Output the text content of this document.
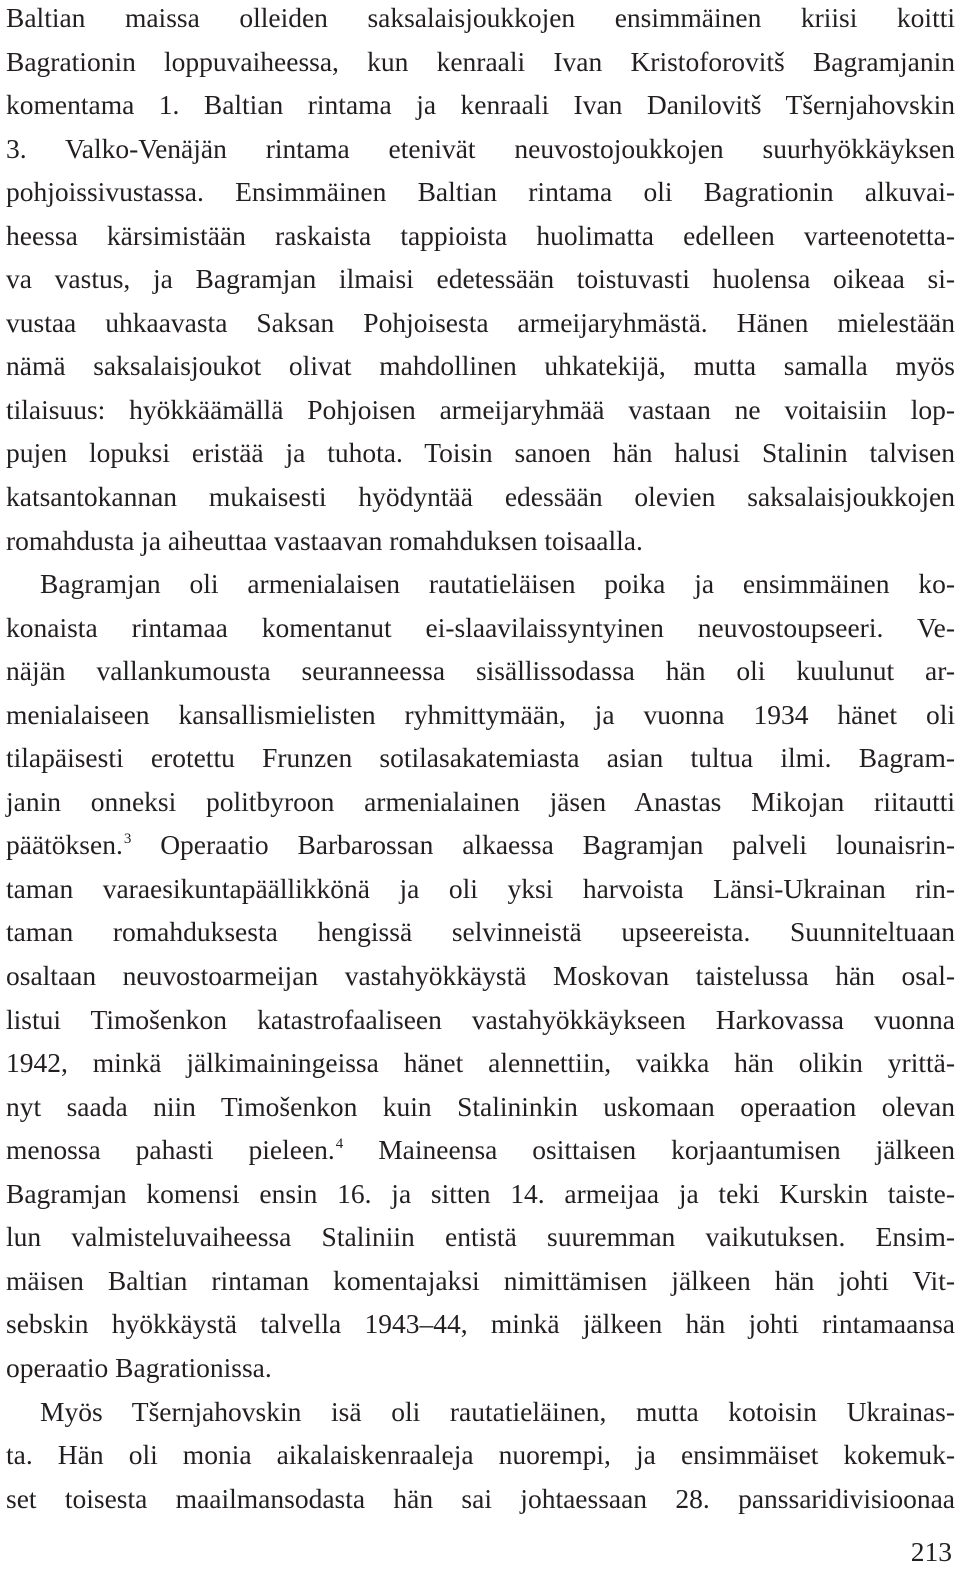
Baltian maissa olleiden saksalaisjoukkojen ensimmäinen kriisi koitti
Bagrationin loppuvaiheessa, kun kenraali Ivan Kristoforovitš Bagramjanin
komentama 1. Baltian rintama ja kenraali Ivan Danilovitš Tšernjahovskin
3. Valko-Venäjän rintama etenivät neuvostojoukkojen suurhyökkäyksen
pohjoissivustassa. Ensimmäinen Baltian rintama oli Bagrationin alkuvai-
heessa kärsimistään raskaista tappioista huolimatta edelleen varteenotetta-
va vastus, ja Bagramjan ilmaisi edetessään toistuvasti huolensa oikeaa si-
vustaa uhkaavasta Saksan Pohjoisesta armeijaryhmästä. Hänen mielestään
nämä saksalaisjoukot olivat mahdollinen uhkatekijä, mutta samalla myös
tilaisuus: hyökkäämällä Pohjoisen armeijaryhmää vastaan ne voitaisiin lop-
pujen lopuksi eristää ja tuhota. Toisin sanoen hän halusi Stalinin talvisen
katsantokannan mukaisesti hyödyntää edessään olevien saksalaisjoukkojen
romahdusta ja aiheuttaa vastaavan romahduksen toisaalla.
Bagramjan oli armenialaisen rautatieläisen poika ja ensimmäinen ko-
konaista rintamaa komentanut ei-slaavilaissyntyinen neuvostoupseeri. Ve-
näjän vallankumousta seuranneessa sisällissodassa hän oli kuulunut ar-
menialaiseen kansallismielisten ryhmittymään, ja vuonna 1934 hänet oli
tilapäisesti erotettu Frunzen sotilasakatemiasta asian tultua ilmi. Bagram-
janin onneksi politbyroon armenialainen jäsen Anastas Mikojan riitautti
päätöksen.$^3$ Operaatio Barbarossan alkaessa Bagramjan palveli lounaisrin-
taman varaesikuntapäällikkönä ja oli yksi harvoista Länsi-Ukrainan rin-
taman romahduksesta hengissä selvinneistä upseereista. Suunniteltuaan
osaltaan neuvostoarmeijan vastahyökkäystä Moskovan taistelussa hän osal-
listui Timošenkon katastrofaaliseen vastahyökkäykseen Harkovassa vuonna
1942, minkä jälkimainingeissa hänet alennettiin, vaikka hän olikin yrittä-
nyt saada niin Timošenkon kuin Stalininkin uskomaan operaation olevan
menossa pahasti pieleen.$^4$ Maineensa osittaisen korjaantumisen jälkeen
Bagramjan komensi ensin 16. ja sitten 14. armeijaa ja teki Kurskin taiste-
lun valmisteluvaiheessa Staliniin entistä suuremman vaikutuksen. Ensim-
mäisen Baltian rintaman komentajaksi nimittämisen jälkeen hän johti Vit-
sebskin hyökkäystä talvella 1943–44, minkä jälkeen hän johti rintamaansa
operaatio Bagrationissa.
Myös Tšernjahovskin isä oli rautatieläinen, mutta kotoisin Ukrainas-
ta. Hän oli monia aikalaiskenraaleja nuorempi, ja ensimmäiset kokemuk-
set toisesta maailmansodasta hän sai johtaessaan 28. panssaridivisioonaa
213
